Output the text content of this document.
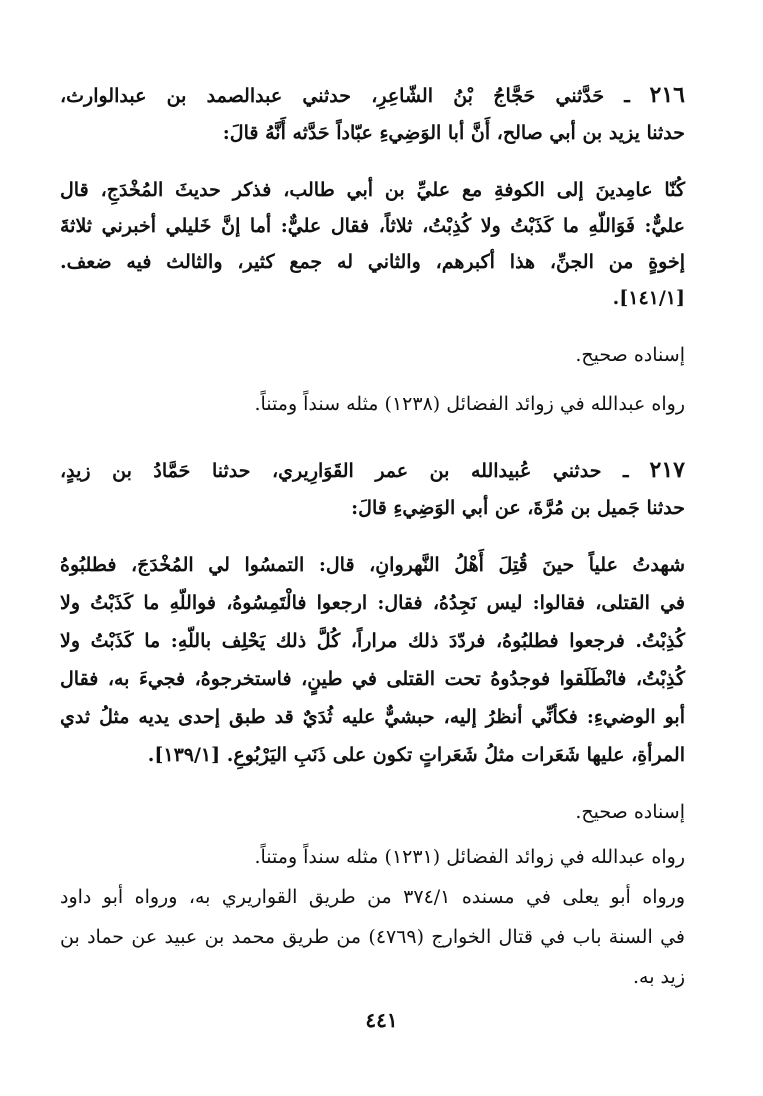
٢١٦ ـ حَدَّثني حَجَّاجُ بْنُ الشّاعِرِ، حدثني عبدالصمد بن عبدالوارث،
حدثنا يزيد بن أبي صالح، أَنَّ أبا الوَضِيءِ عبّاداً حَدَّثه أَنَّهُ قالَ:
كُنّا عامِدينَ إلى الكوفةِ مع عليِّ بن أبي طالب، فذكر حديثَ المُخْدَجِ، قال
عليٌّ: فَوَاللّهِ ما كَذَبْتُ ولا كُذِبْتُ، ثلاثاً، فقال عليٌّ: أما إنَّ خَليلي أخبرني ثلاثةَ
إخوةٍ من الجنِّ، هذا أكبرهم، والثاني له جمع كثير، والثالث فيه ضعف.
[١٤١/١].
إسناده صحيح.
رواه عبدالله في زوائد الفضائل (١٢٣٨) مثله سنداً ومتناً.
٢١٧ ـ حدثني عُبيدالله بن عمر القَوَارِيري، حدثنا حَمَّادُ بن زيدٍ،
حدثنا جَميل بن مُرَّةَ، عن أبي الوَضِيءِ قالَ:
شهدتُ علياً حينَ قُتِلَ أَهْلُ النَّهروانِ، قال: التمسُوا لي المُخْدَجَ، فطلبُوهُ
في القتلى، فقالوا: ليس نَجِدُهُ، فقال: ارجعوا فالْتَمِسُوهُ، فواللّهِ ما كَذَبْتُ ولا
كُذِبْتُ. فرجعوا فطلبُوهُ، فردّدَ ذلك مراراً، كُلَّ ذلك يَحْلِف باللّهِ: ما كَذَبْتُ ولا
كُذِبْتُ، فانْطَلَقوا فوجدُوهُ تحت القتلى في طينٍ، فاستخرجوهُ، فجيءَ به، فقال
أبو الوضيءِ: فكأنِّي أنظرُ إليه، حبشيٌّ عليه ثُدَيٌ قد طبق إحدى يديه مثلُ ثدي
المرأةِ، عليها شَعَرات مثلُ شَعَراتٍ تكون على ذَنَبِ اليَرْبُوعِ. [١٣٩/١].
إسناده صحيح.
رواه عبدالله في زوائد الفضائل (١٢٣١) مثله سنداً ومتناً.
ورواه أبو يعلى في مسنده ٣٧٤/١ من طريق القواريري به، ورواه أبو داود
في السنة باب في قتال الخوارج (٤٧٦٩) من طريق محمد بن عبيد عن حماد بن
زيد به.
٤٤١
